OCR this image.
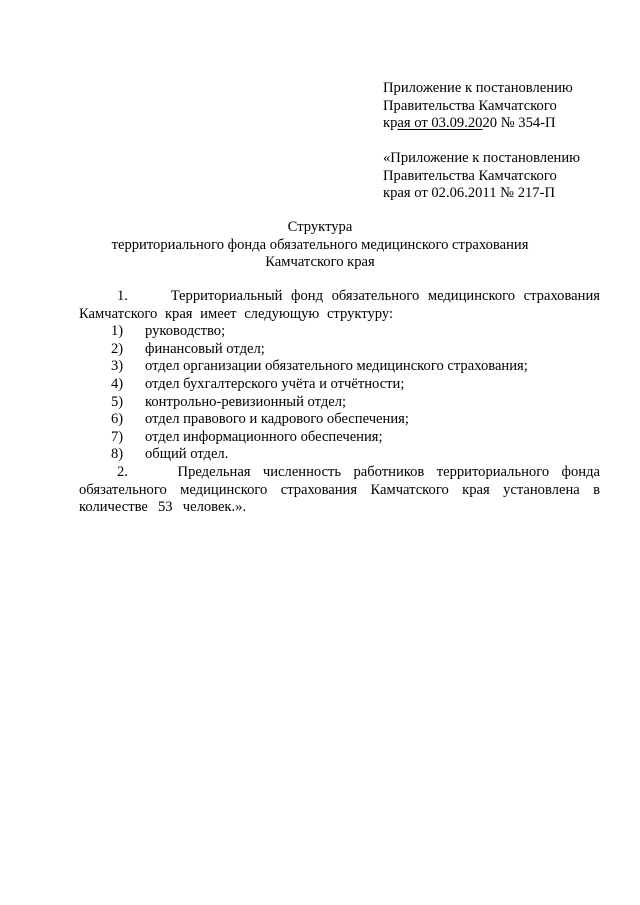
Приложение к постановлению
Правительства Камчатского
края от 03.09.2020 № 354-П
«Приложение к постановлению
Правительства Камчатского
края от 02.06.2011 № 217-П
Структура
территориального фонда обязательного медицинского страхования
Камчатского края

1.	Территориальный фонд обязательного медицинского страхования Камчатского края имеет следующую структуру:

1)	руководство;
2)	финансовый отдел;
3)	отдел организации обязательного медицинского страхования;
4)	отдел бухгалтерского учёта и отчётности;
5)	контрольно-ревизионный отдел;
6)	отдел правового и кадрового обеспечения;
7)	отдел информационного обеспечения;
8)	общий отдел.

2.	Предельная численность работников территориального фонда обязательного медицинского страхования Камчатского края установлена в количестве 53 человек.».
